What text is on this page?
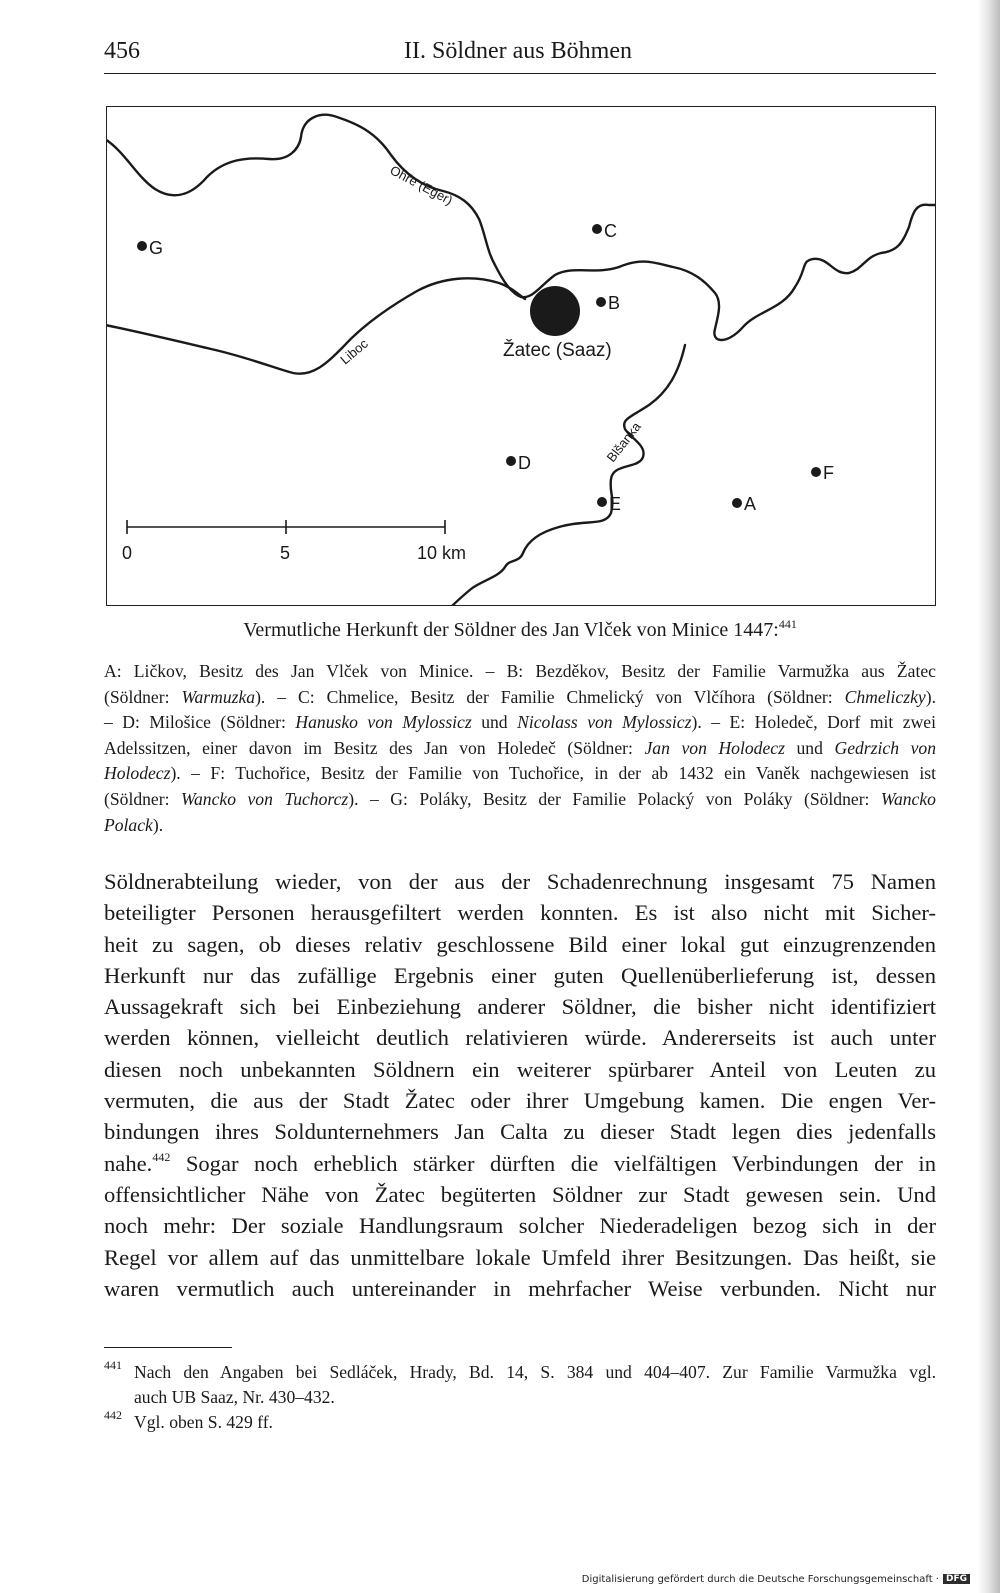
456	II. Söldner aus Böhmen
A
B
C
D
E
F
G
Žatec (Saaz)
Ohře (Eger)
Liboc
Blšanka
0	5	10 km
Vermutliche Herkunft der Söldner des Jan Vlček von Minice 1447:$^{441}$
A: Ličkov, Besitz des Jan Vlček von Minice. – B: Bezděkov, Besitz der Familie Varmužka aus Žatec
(Söldner: Warmuzka). – C: Chmelice, Besitz der Familie Chmelický von Vlčíhora (Söldner: Chmeliczky).
– D: Milošice (Söldner: Hanusko von Mylossicz und Nicolass von Mylossicz). – E: Holedeč, Dorf mit zwei
Adelssitzen, einer davon im Besitz des Jan von Holedeč (Söldner: Jan von Holodecz und Gedrzich von
Holodecz). – F: Tuchořice, Besitz der Familie von Tuchořice, in der ab 1432 ein Vaněk nachgewiesen ist
(Söldner: Wancko von Tuchorcz). – G: Poláky, Besitz der Familie Polacký von Poláky (Söldner: Wancko
Polack).
Söldnerabteilung wieder, von der aus der Schadenrechnung insgesamt 75 Namen
beteiligter Personen herausgefiltert werden konnten. Es ist also nicht mit Sicher-
heit zu sagen, ob dieses relativ geschlossene Bild einer lokal gut einzugrenzenden
Herkunft nur das zufällige Ergebnis einer guten Quellenüberlieferung ist, dessen
Aussagekraft sich bei Einbeziehung anderer Söldner, die bisher nicht identifiziert
werden können, vielleicht deutlich relativieren würde. Andererseits ist auch unter
diesen noch unbekannten Söldnern ein weiterer spürbarer Anteil von Leuten zu
vermuten, die aus der Stadt Žatec oder ihrer Umgebung kamen. Die engen Ver-
bindungen ihres Soldunternehmers Jan Calta zu dieser Stadt legen dies jedenfalls
nahe.$^{442}$ Sogar noch erheblich stärker dürften die vielfältigen Verbindungen der in
offensichtlicher Nähe von Žatec begüterten Söldner zur Stadt gewesen sein. Und
noch mehr: Der soziale Handlungsraum solcher Niederadeligen bezog sich in der
Regel vor allem auf das unmittelbare lokale Umfeld ihrer Besitzungen. Das heißt, sie
waren vermutlich auch untereinander in mehrfacher Weise verbunden. Nicht nur
441 Nach den Angaben bei Sedláček, Hrady, Bd. 14, S. 384 und 404–407. Zur Familie Varmužka vgl.
auch UB Saaz, Nr. 430–432.
442 Vgl. oben S. 429 ff.
Digitalisierung gefördert durch die Deutsche Forschungsgemeinschaft · DFG
